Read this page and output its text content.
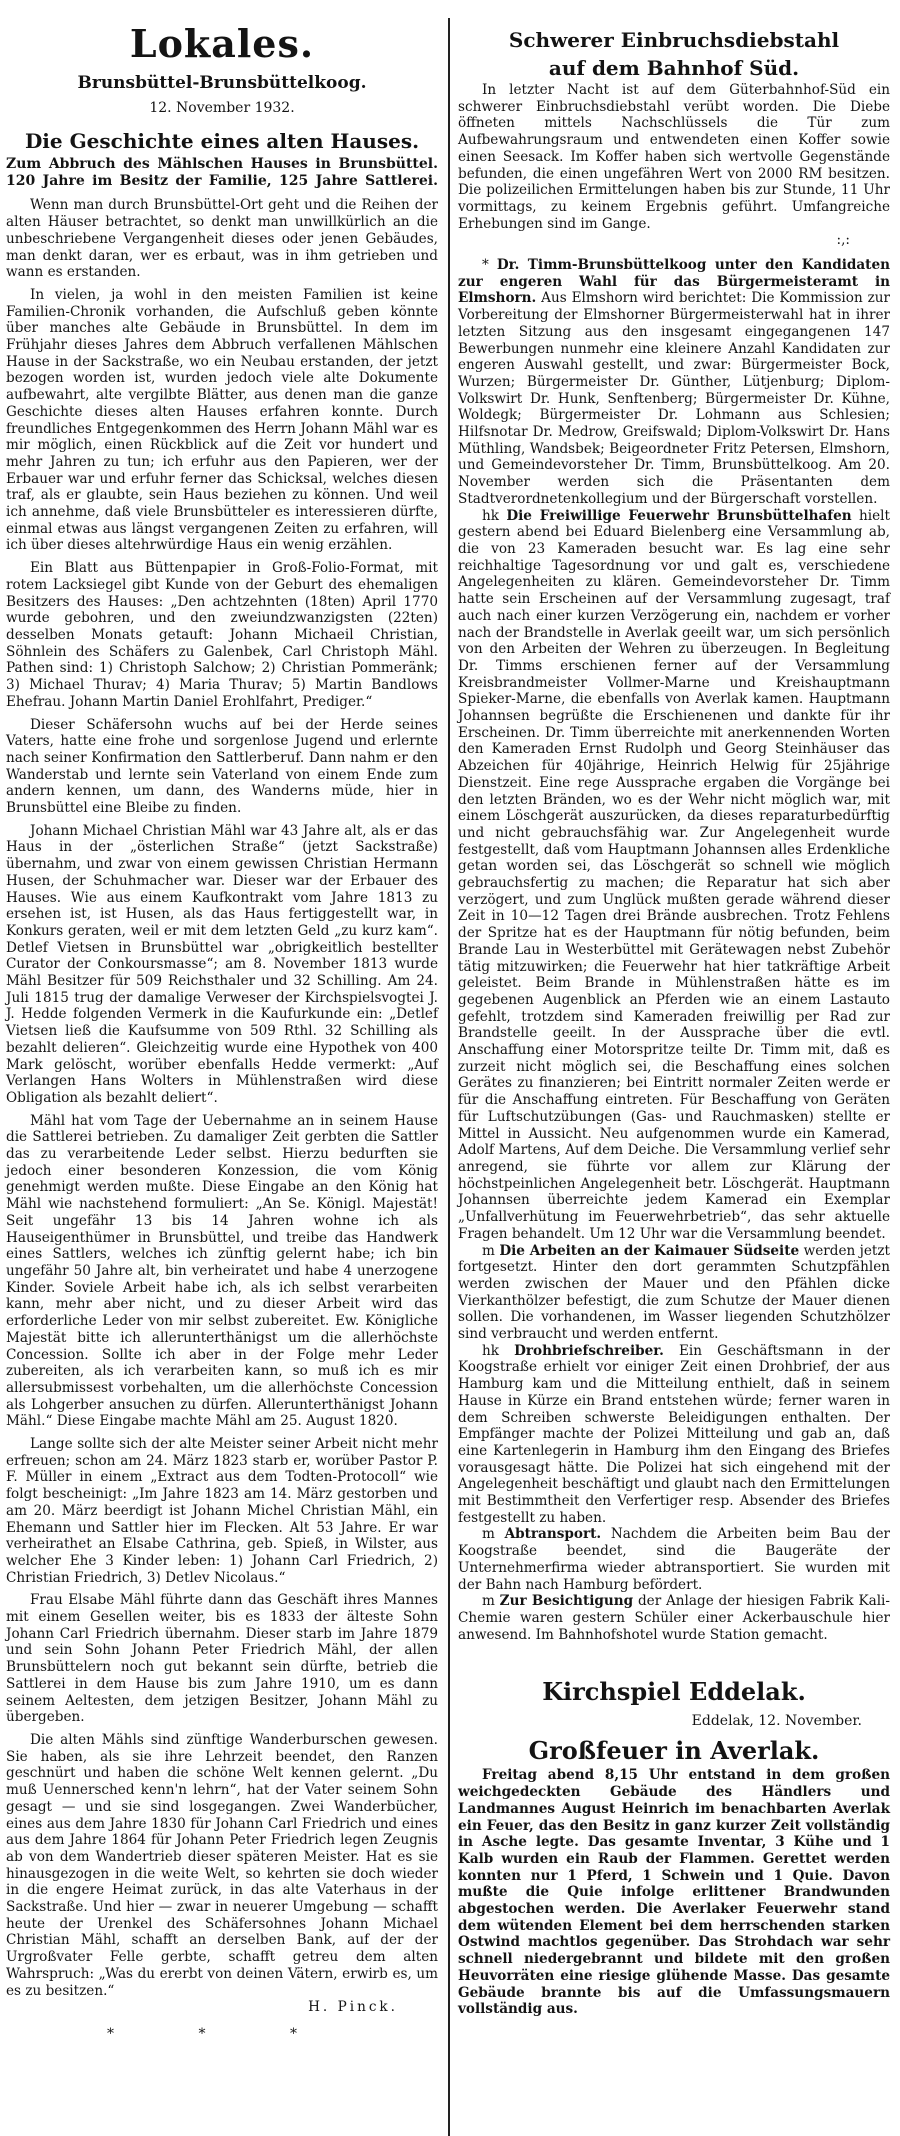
Lokales.
Brunsbüttel-Brunsbüttelkoog.
12. November 1932.
Die Geschichte eines alten Hauses.
Zum Abbruch des Mählschen Hauses in Brunsbüttel.
120 Jahre im Besitz der Familie, 125 Jahre Sattlerei.

Wenn man durch Brunsbüttel-Ort geht und die Reihen der alten Häuser betrachtet, so denkt man unwillkürlich an die unbeschriebene Vergangenheit dieses oder jenen Gebäudes, man denkt daran, wer es erbaut, was in ihm getrieben und wann es erstanden.

In vielen, ja wohl in den meisten Familien ist keine Familien-Chronik vorhanden, die Aufschluß geben könnte über manches alte Gebäude in Brunsbüttel. In dem im Frühjahr dieses Jahres dem Abbruch verfallenen Mählschen Hause in der Sackstraße, wo ein Neubau erstanden, der jetzt bezogen worden ist, wurden jedoch viele alte Dokumente aufbewahrt, alte vergilbte Blätter, aus denen man die ganze Geschichte dieses alten Hauses erfahren konnte. Durch freundliches Entgegenkommen des Herrn Johann Mähl war es mir möglich, einen Rückblick auf die Zeit vor hundert und mehr Jahren zu tun; ich erfuhr aus den Papieren, wer der Erbauer war und erfuhr ferner das Schicksal, welches diesen traf, als er glaubte, sein Haus beziehen zu können. Und weil ich annehme, daß viele Brunsbütteler es interessieren dürfte, einmal etwas aus längst vergangenen Zeiten zu erfahren, will ich über dieses altehrwürdige Haus ein wenig erzählen.

Ein Blatt aus Büttenpapier in Groß-Folio-Format, mit rotem Lacksiegel gibt Kunde von der Geburt des ehemaligen Besitzers des Hauses: „Den achtzehnten (18ten) April 1770 wurde gebohren, und den zweiundzwanzigsten (22ten) desselben Monats getauft: Johann Michaeil Christian, Söhnlein des Schäfers zu Galenbek, Carl Christoph Mähl. Pathen sind: 1) Christoph Salchow; 2) Christian Pommeränk; 3) Michael Thurav; 4) Maria Thurav; 5) Martin Bandlows Ehefrau. Johann Martin Daniel Erohlfahrt, Prediger.“

Dieser Schäfersohn wuchs auf bei der Herde seines Vaters, hatte eine frohe und sorgenlose Jugend und erlernte nach seiner Konfirmation den Sattlerberuf. Dann nahm er den Wanderstab und lernte sein Vaterland von einem Ende zum andern kennen, um dann, des Wanderns müde, hier in Brunsbüttel eine Bleibe zu finden.

Johann Michael Christian Mähl war 43 Jahre alt, als er das Haus in der „österlichen Straße“ (jetzt Sackstraße) übernahm, und zwar von einem gewissen Christian Hermann Husen, der Schuhmacher war. Dieser war der Erbauer des Hauses. Wie aus einem Kaufkontrakt vom Jahre 1813 zu ersehen ist, ist Husen, als das Haus fertiggestellt war, in Konkurs geraten, weil er mit dem letzten Geld „zu kurz kam“. Detlef Vietsen in Brunsbüttel war „obrigkeitlich bestellter Curator der Conkoursmasse“; am 8. November 1813 wurde Mähl Besitzer für 509 Reichsthaler und 32 Schilling. Am 24. Juli 1815 trug der damalige Verweser der Kirchspielsvogtei J. J. Hedde folgenden Vermerk in die Kaufurkunde ein: „Detlef Vietsen ließ die Kaufsumme von 509 Rthl. 32 Schilling als bezahlt delieren“. Gleichzeitig wurde eine Hypothek von 400 Mark gelöscht, worüber ebenfalls Hedde vermerkt: „Auf Verlangen Hans Wolters in Mühlenstraßen wird diese Obligation als bezahlt deliert“.

Mähl hat vom Tage der Uebernahme an in seinem Hause die Sattlerei betrieben. Zu damaliger Zeit gerbten die Sattler das zu verarbeitende Leder selbst. Hierzu bedurften sie jedoch einer besonderen Konzession, die vom König genehmigt werden mußte. Diese Eingabe an den König hat Mähl wie nachstehend formuliert: „An Se. Königl. Majestät! Seit ungefähr 13 bis 14 Jahren wohne ich als Hauseigenthümer in Brunsbüttel, und treibe das Handwerk eines Sattlers, welches ich zünftig gelernt habe; ich bin ungefähr 50 Jahre alt, bin verheiratet und habe 4 unerzogene Kinder. Soviele Arbeit habe ich, als ich selbst verarbeiten kann, mehr aber nicht, und zu dieser Arbeit wird das erforderliche Leder von mir selbst zubereitet. Ew. Königliche Majestät bitte ich allerunterthänigst um die allerhöchste Concession. Sollte ich aber in der Folge mehr Leder zubereiten, als ich verarbeiten kann, so muß ich es mir allersubmissest vorbehalten, um die allerhöchste Concession als Lohgerber ansuchen zu dürfen. Allerunterthänigst Johann Mähl.“ Diese Eingabe machte Mähl am 25. August 1820.

Lange sollte sich der alte Meister seiner Arbeit nicht mehr erfreuen; schon am 24. März 1823 starb er, worüber Pastor P. F. Müller in einem „Extract aus dem Todten-Protocoll“ wie folgt bescheinigt: „Im Jahre 1823 am 14. März gestorben und am 20. März beerdigt ist Johann Michel Christian Mähl, ein Ehemann und Sattler hier im Flecken. Alt 53 Jahre. Er war verheirathet an Elsabe Cathrina, geb. Spieß, in Wilster, aus welcher Ehe 3 Kinder leben: 1) Johann Carl Friedrich, 2) Christian Friedrich, 3) Detlev Nicolaus.“

Frau Elsabe Mähl führte dann das Geschäft ihres Mannes mit einem Gesellen weiter, bis es 1833 der älteste Sohn Johann Carl Friedrich übernahm. Dieser starb im Jahre 1879 und sein Sohn Johann Peter Friedrich Mähl, der allen Brunsbüttelern noch gut bekannt sein dürfte, betrieb die Sattlerei in dem Hause bis zum Jahre 1910, um es dann seinem Aeltesten, dem jetzigen Besitzer, Johann Mähl zu übergeben.

Die alten Mähls sind zünftige Wanderburschen gewesen. Sie haben, als sie ihre Lehrzeit beendet, den Ranzen geschnürt und haben die schöne Welt kennen gelernt. „Du muß Uennersched kenn'n lehrn“, hat der Vater seinem Sohn gesagt — und sie sind losgegangen. Zwei Wanderbücher, eines aus dem Jahre 1830 für Johann Carl Friedrich und eines aus dem Jahre 1864 für Johann Peter Friedrich legen Zeugnis ab von dem Wandertrieb dieser späteren Meister. Hat es sie hinausgezogen in die weite Welt, so kehrten sie doch wieder in die engere Heimat zurück, in das alte Vaterhaus in der Sackstraße. Und hier — zwar in neuerer Umgebung — schafft heute der Urenkel des Schäfersohnes Johann Michael Christian Mähl, schafft an derselben Bank, auf der der Urgroßvater Felle gerbte, schafft getreu dem alten Wahrspruch: „Was du ererbt von deinen Vätern, erwirb es, um es zu besitzen.“

H. Pinck.

* * *
Schwerer Einbruchsdiebstahl
auf dem Bahnhof Süd.

In letzter Nacht ist auf dem Güterbahnhof-Süd ein schwerer Einbruchsdiebstahl verübt worden. Die Diebe öffneten mittels Nachschlüssels die Tür zum Aufbewahrungsraum und entwendeten einen Koffer sowie einen Seesack. Im Koffer haben sich wertvolle Gegenstände befunden, die einen ungefähren Wert von 2000 RM besitzen. Die polizeilichen Ermittelungen haben bis zur Stunde, 11 Uhr vormittags, zu keinem Ergebnis geführt. Umfangreiche Erhebungen sind im Gange.

:,:

* Dr. Timm-Brunsbüttelkoog unter den Kandidaten zur engeren Wahl für das Bürgermeisteramt in Elmshorn. Aus Elmshorn wird berichtet: Die Kommission zur Vorbereitung der Elmshorner Bürgermeisterwahl hat in ihrer letzten Sitzung aus den insgesamt eingegangenen 147 Bewerbungen nunmehr eine kleinere Anzahl Kandidaten zur engeren Auswahl gestellt, und zwar: Bürgermeister Bock, Wurzen; Bürgermeister Dr. Günther, Lütjenburg; Diplom-Volkswirt Dr. Hunk, Senftenberg; Bürgermeister Dr. Kühne, Woldegk; Bürgermeister Dr. Lohmann aus Schlesien; Hilfsnotar Dr. Medrow, Greifswald; Diplom-Volkswirt Dr. Hans Müthling, Wandsbek; Beigeordneter Fritz Petersen, Elmshorn, und Gemeindevorsteher Dr. Timm, Brunsbüttelkoog. Am 20. November werden sich die Präsentanten dem Stadtverordnetenkollegium und der Bürgerschaft vorstellen.

hk Die Freiwillige Feuerwehr Brunsbüttelhafen hielt gestern abend bei Eduard Bielenberg eine Versammlung ab, die von 23 Kameraden besucht war. Es lag eine sehr reichhaltige Tagesordnung vor und galt es, verschiedene Angelegenheiten zu klären. Gemeindevorsteher Dr. Timm hatte sein Erscheinen auf der Versammlung zugesagt, traf auch nach einer kurzen Verzögerung ein, nachdem er vorher nach der Brandstelle in Averlak geeilt war, um sich persönlich von den Arbeiten der Wehren zu überzeugen. In Begleitung Dr. Timms erschienen ferner auf der Versammlung Kreisbrandmeister Vollmer-Marne und Kreishauptmann Spieker-Marne, die ebenfalls von Averlak kamen. Hauptmann Johannsen begrüßte die Erschienenen und dankte für ihr Erscheinen. Dr. Timm überreichte mit anerkennenden Worten den Kameraden Ernst Rudolph und Georg Steinhäuser das Abzeichen für 40jährige, Heinrich Helwig für 25jährige Dienstzeit. Eine rege Aussprache ergaben die Vorgänge bei den letzten Bränden, wo es der Wehr nicht möglich war, mit einem Löschgerät auszurücken, da dieses reparaturbedürftig und nicht gebrauchsfähig war. Zur Angelegenheit wurde festgestellt, daß vom Hauptmann Johannsen alles Erdenkliche getan worden sei, das Löschgerät so schnell wie möglich gebrauchsfertig zu machen; die Reparatur hat sich aber verzögert, und zum Unglück mußten gerade während dieser Zeit in 10—12 Tagen drei Brände ausbrechen. Trotz Fehlens der Spritze hat es der Hauptmann für nötig befunden, beim Brande Lau in Westerbüttel mit Gerätewagen nebst Zubehör tätig mitzuwirken; die Feuerwehr hat hier tatkräftige Arbeit geleistet. Beim Brande in Mühlenstraßen hätte es im gegebenen Augenblick an Pferden wie an einem Lastauto gefehlt, trotzdem sind Kameraden freiwillig per Rad zur Brandstelle geeilt. In der Aussprache über die evtl. Anschaffung einer Motorspritze teilte Dr. Timm mit, daß es zurzeit nicht möglich sei, die Beschaffung eines solchen Gerätes zu finanzieren; bei Eintritt normaler Zeiten werde er für die Anschaffung eintreten. Für Beschaffung von Geräten für Luftschutzübungen (Gas- und Rauchmasken) stellte er Mittel in Aussicht. Neu aufgenommen wurde ein Kamerad, Adolf Martens, Auf dem Deiche. Die Versammlung verlief sehr anregend, sie führte vor allem zur Klärung der höchstpeinlichen Angelegenheit betr. Löschgerät. Hauptmann Johannsen überreichte jedem Kamerad ein Exemplar „Unfallverhütung im Feuerwehrbetrieb“, das sehr aktuelle Fragen behandelt. Um 12 Uhr war die Versammlung beendet.

m Die Arbeiten an der Kaimauer Südseite werden jetzt fortgesetzt. Hinter den dort gerammten Schutzpfählen werden zwischen der Mauer und den Pfählen dicke Vierkanthölzer befestigt, die zum Schutze der Mauer dienen sollen. Die vorhandenen, im Wasser liegenden Schutzhölzer sind verbraucht und werden entfernt.

hk Drohbriefschreiber. Ein Geschäftsmann in der Koogstraße erhielt vor einiger Zeit einen Drohbrief, der aus Hamburg kam und die Mitteilung enthielt, daß in seinem Hause in Kürze ein Brand entstehen würde; ferner waren in dem Schreiben schwerste Beleidigungen enthalten. Der Empfänger machte der Polizei Mitteilung und gab an, daß eine Kartenlegerin in Hamburg ihm den Eingang des Briefes vorausgesagt hätte. Die Polizei hat sich eingehend mit der Angelegenheit beschäftigt und glaubt nach den Ermittelungen mit Bestimmtheit den Verfertiger resp. Absender des Briefes festgestellt zu haben.

m Abtransport. Nachdem die Arbeiten beim Bau der Koogstraße beendet, sind die Baugeräte der Unternehmerfirma wieder abtransportiert. Sie wurden mit der Bahn nach Hamburg befördert.

m Zur Besichtigung der Anlage der hiesigen Fabrik Kali-Chemie waren gestern Schüler einer Ackerbauschule hier anwesend. Im Bahnhofshotel wurde Station gemacht.

Kirchspiel Eddelak.
Eddelak, 12. November.
Großfeuer in Averlak.

Freitag abend 8,15 Uhr entstand in dem großen weichgedeckten Gebäude des Händlers und Landmannes August Heinrich im benachbarten Averlak ein Feuer, das den Besitz in ganz kurzer Zeit vollständig in Asche legte. Das gesamte Inventar, 3 Kühe und 1 Kalb wurden ein Raub der Flammen. Gerettet werden konnten nur 1 Pferd, 1 Schwein und 1 Quie. Davon mußte die Quie infolge erlittener Brandwunden abgestochen werden. Die Averlaker Feuerwehr stand dem wütenden Element bei dem herrschenden starken Ostwind machtlos gegenüber. Das Strohdach war sehr schnell niedergebrannt und bildete mit den großen Heuvorräten eine riesige glühende Masse. Das gesamte Gebäude brannte bis auf die Umfassungsmauern vollständig aus.
